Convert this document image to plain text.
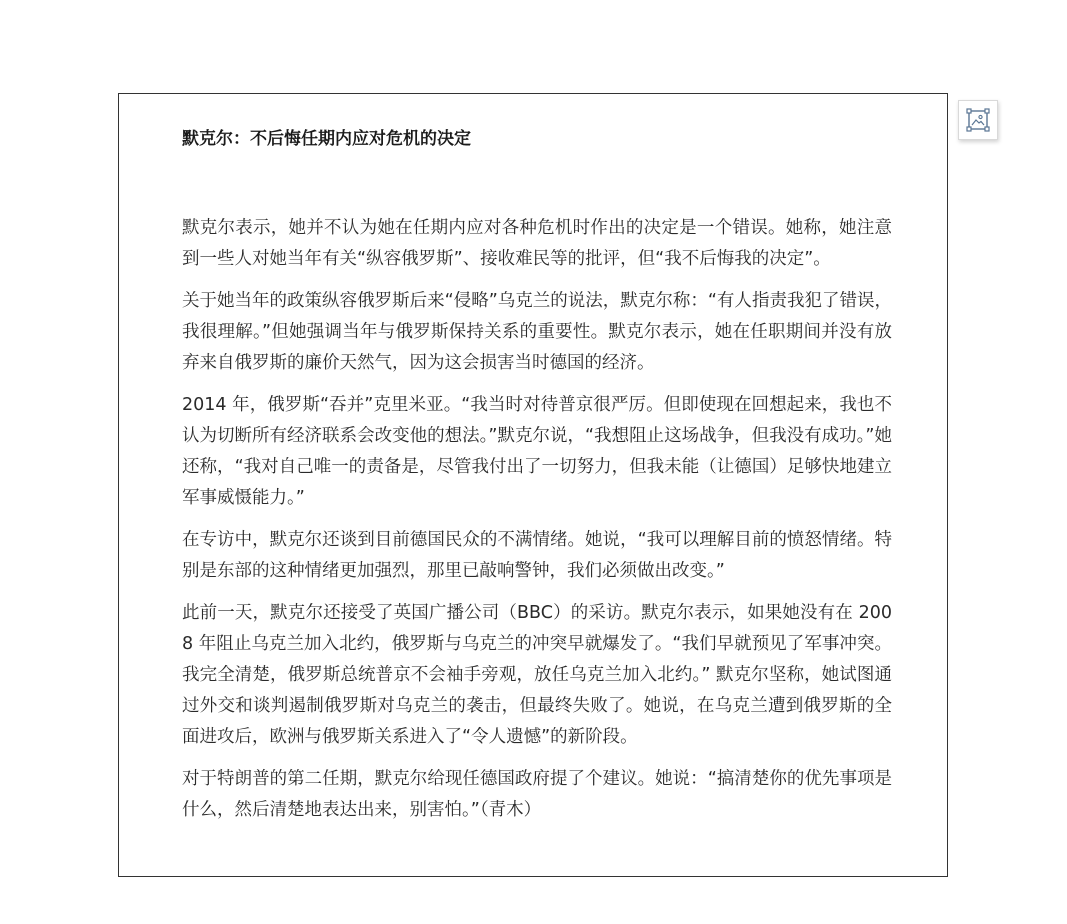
默克尔：不后悔任期内应对危机的决定

默克尔表示，她并不认为她在任期内应对各种危机时作出的决定是一个错误。她称，她注意到一些人对她当年有关“纵容俄罗斯”、接收难民等的批评，但“我不后悔我的决定”。

关于她当年的政策纵容俄罗斯后来“侵略”乌克兰的说法，默克尔称：“有人指责我犯了错误，我很理解。”但她强调当年与俄罗斯保持关系的重要性。默克尔表示，她在任职期间并没有放弃来自俄罗斯的廉价天然气，因为这会损害当时德国的经济。

2014 年，俄罗斯“吞并”克里米亚。“我当时对待普京很严厉。但即使现在回想起来，我也不认为切断所有经济联系会改变他的想法。”默克尔说，“我想阻止这场战争，但我没有成功。”她还称，“我对自己唯一的责备是，尽管我付出了一切努力，但我未能（让德国）足够快地建立军事威慑能力。”

在专访中，默克尔还谈到目前德国民众的不满情绪。她说，“我可以理解目前的愤怒情绪。特别是东部的这种情绪更加强烈，那里已敲响警钟，我们必须做出改变。”

此前一天，默克尔还接受了英国广播公司（BBC）的采访。默克尔表示，如果她没有在 2008 年阻止乌克兰加入北约，俄罗斯与乌克兰的冲突早就爆发了。“我们早就预见了军事冲突。我完全清楚，俄罗斯总统普京不会袖手旁观，放任乌克兰加入北约。” 默克尔坚称，她试图通过外交和谈判遏制俄罗斯对乌克兰的袭击，但最终失败了。她说，在乌克兰遭到俄罗斯的全面进攻后，欧洲与俄罗斯关系进入了“令人遗憾”的新阶段。

对于特朗普的第二任期，默克尔给现任德国政府提了个建议。她说：“搞清楚你的优先事项是什么，然后清楚地表达出来，别害怕。”（青木）
